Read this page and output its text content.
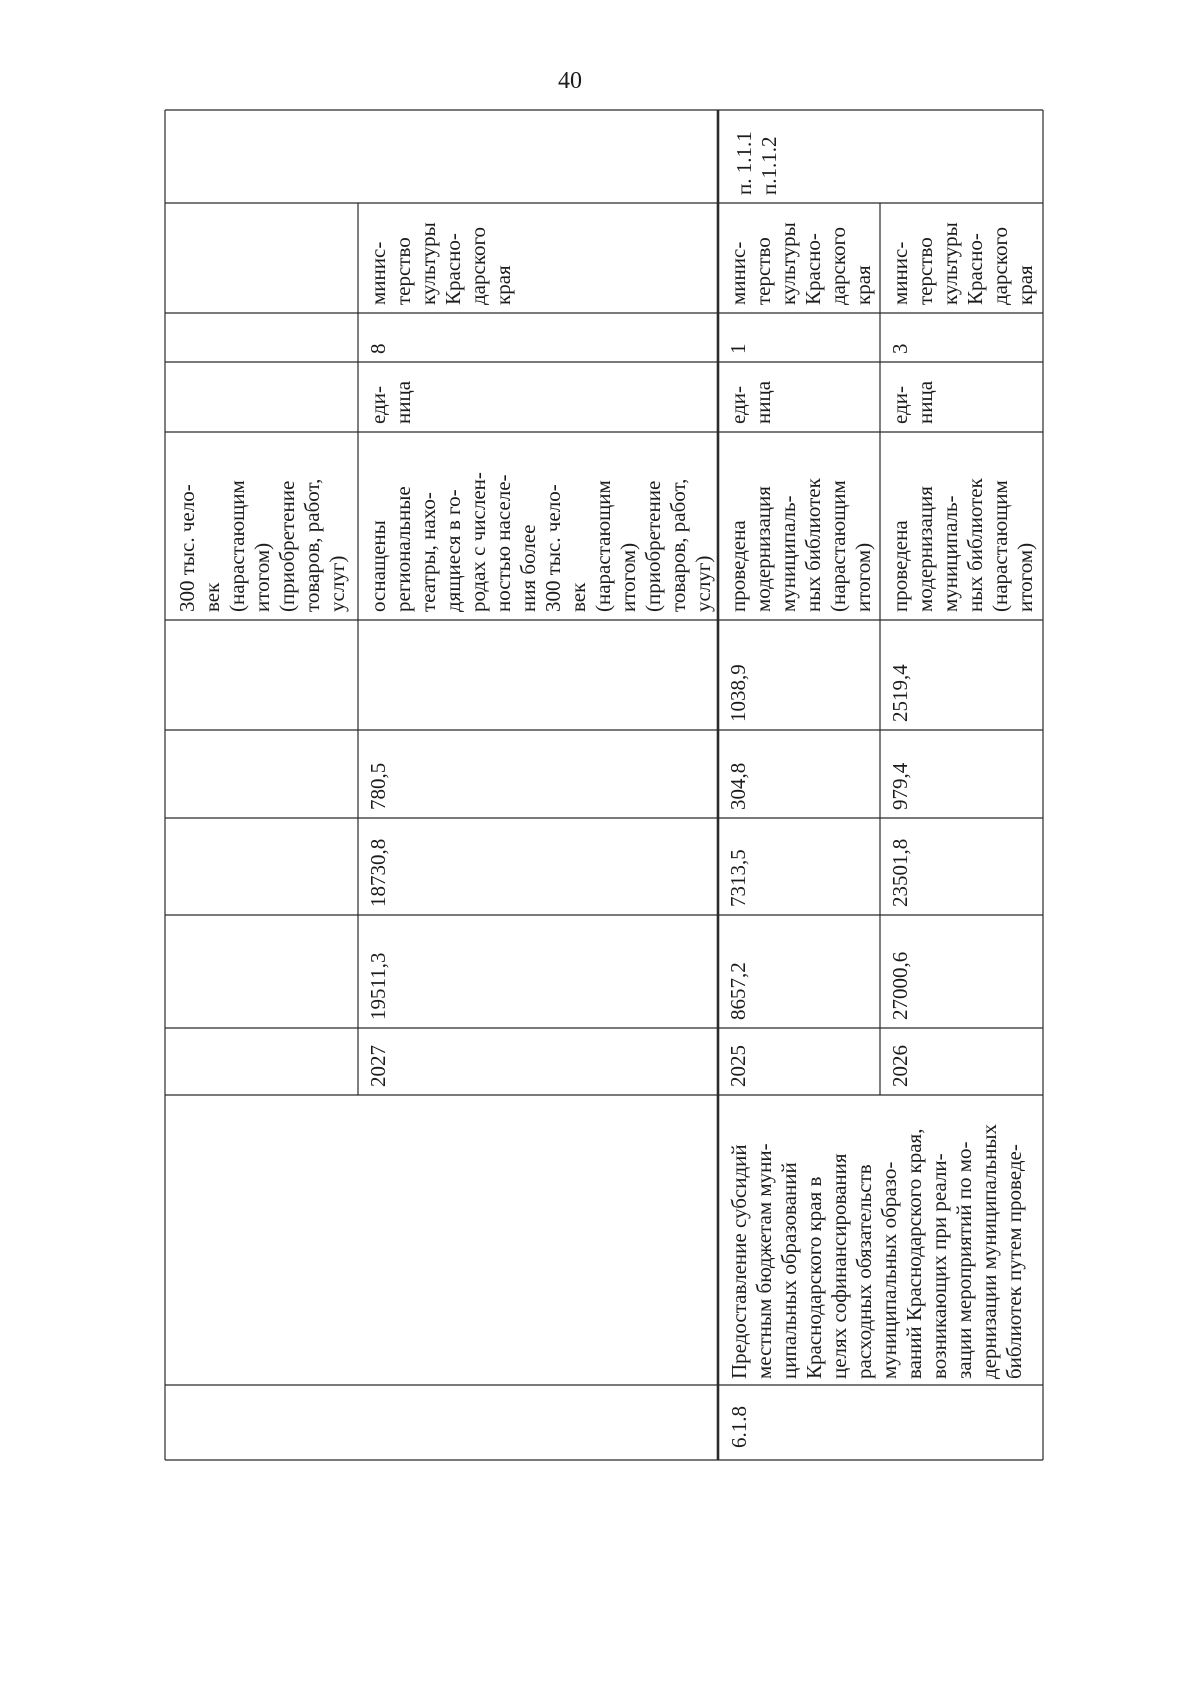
40
300 тыс. чело-
век
(нарастающим
итогом)
(приобретение
товаров, работ,
услуг)
минис-
терство
культуры
Красно-
дарского
края
8
еди-
ница
оснащены
региональные
театры, нахо-
дящиеся в го-
родах с числен-
ностью населе-
ния более
300 тыс. чело-
век
(нарастающим
итогом)
(приобретение
товаров, работ,
услуг)
780,5
18730,8
19511,3
2027
п. 1.1.1
п.1.1.2
Предоставление субсидий
местным бюджетам муни-
ципальных образований
Краснодарского края в
целях софинансирования
расходных обязательств
муниципальных образо-
ваний Краснодарского края,
возникающих при реали-
зации мероприятий по мо-
дернизации муниципальных
библиотек путем проведе-
6.1.8
минис-
терство
культуры
Красно-
дарского
края
1
еди-
ница
проведена
модернизация
муниципаль-
ных библиотек
(нарастающим
итогом)
1038,9
304,8
7313,5
8657,2
2025
минис-
терство
культуры
Красно-
дарского
края
3
еди-
ница
проведена
модернизация
муниципаль-
ных библиотек
(нарастающим
итогом)
2519,4
979,4
23501,8
27000,6
2026
